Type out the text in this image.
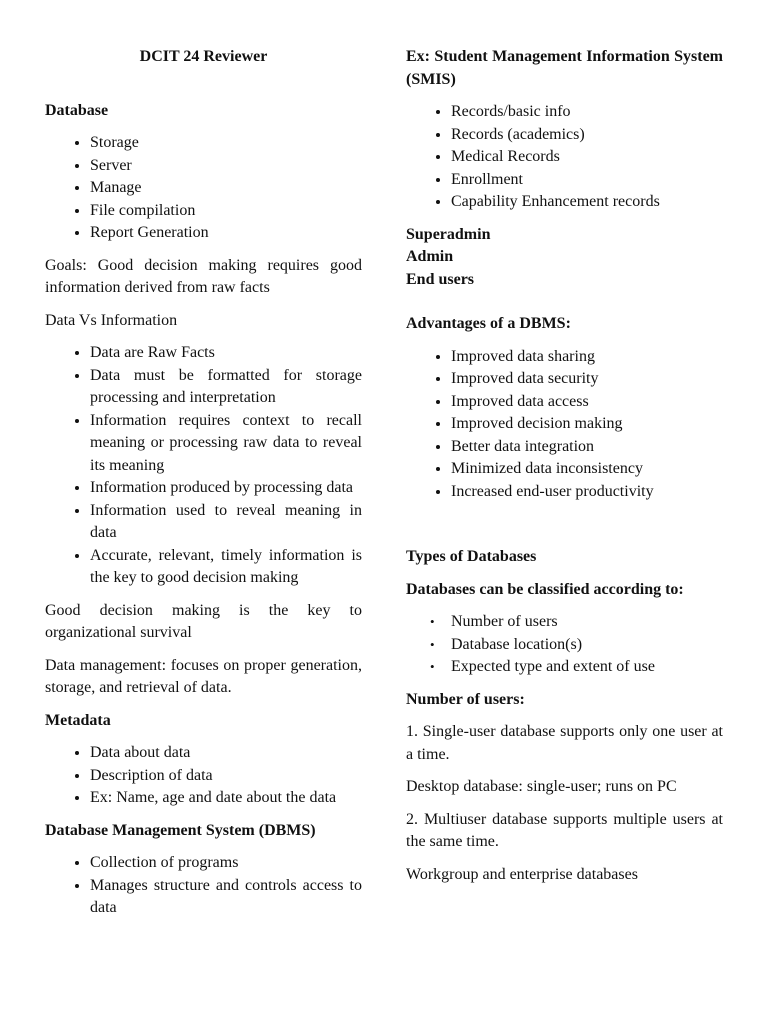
DCIT 24 Reviewer
Database
• Storage
• Server
• Manage
• File compilation
• Report Generation
Goals: Good decision making requires good information derived from raw facts
Data Vs Information
• Data are Raw Facts
• Data must be formatted for storage processing and interpretation
• Information requires context to recall meaning or processing raw data to reveal its meaning
• Information produced by processing data
• Information used to reveal meaning in data
• Accurate, relevant, timely information is the key to good decision making
Good decision making is the key to organizational survival
Data management: focuses on proper generation, storage, and retrieval of data.
Metadata
• Data about data
• Description of data
• Ex: Name, age and date about the data
Database Management System (DBMS)
• Collection of programs
• Manages structure and controls access to data
Ex: Student Management Information System (SMIS)
• Records/basic info
• Records (academics)
• Medical Records
• Enrollment
• Capability Enhancement records
Superadmin
Admin
End users
Advantages of a DBMS:
• Improved data sharing
• Improved data security
• Improved data access
• Improved decision making
• Better data integration
• Minimized data inconsistency
• Increased end-user productivity
Types of Databases
Databases can be classified according to:
• Number of users
• Database location(s)
• Expected type and extent of use
Number of users:
1. Single-user database supports only one user at a time.
Desktop database: single-user; runs on PC
2. Multiuser database supports multiple users at the same time.
Workgroup and enterprise databases
